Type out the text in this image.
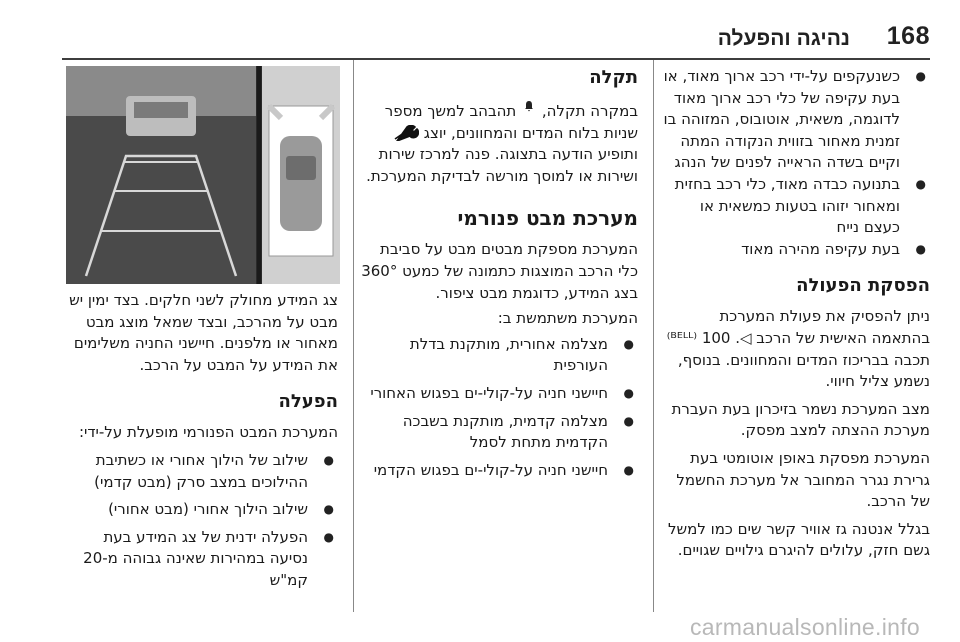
168
נהיגה והפעלה
● כשנעקפים על-ידי רכב ארוך מאוד, או בעת עקיפה של כלי רכב ארוך מאוד לדוגמה, משאית, אוטובוס, המזוהה בו זמנית מאחור בזווית הנקודה המתה וקיים בשדה הראייה לפנים של הנהג
● בתנועה כבדה מאוד, כלי רכב בחזית ומאחור יזוהו בטעות כמשאית או כעצם נייח
● בעת עקיפה מהירה מאוד
הפסקת הפעולה

ניתן להפסיק את פעולת המערכת בהתאמה האישית של הרכב ◁. 100 ⁽ᴮᴱᴸᴸ⁾ תכבה בבריכוז המדים והמחוונים. בנוסף, נשמע צליל חיווי.

מצב המערכת נשמר בזיכרון בעת העברת מערכת ההצתה למצב מפסק.

המערכת מפסקת באופן אוטומטי בעת גרירת נגרר המחובר אל מערכת החשמל של הרכב.

בגלל אנטנה גז אוויר קשר שים כמו למשל גשם חזק, עלולים להיגרם גילויים שגויים.

תקלה

במקרה תקלה,  תהבהב למשך מספר שניות בלוח המדים והמחוונים, יוצג  ותופיע הודעה בתצוגה. פנה למרכז שירות ושירות או למוסך מורשה לבדיקת המערכת.

מערכת מבט פנורמי

המערכת מספקת מבטים מבט על סביבת כלי הרכב המוצגות כתמונה של כמעט 360° בצג המידע, כדוגמת מבט ציפור.

המערכת משתמשת ב:

● מצלמה אחורית, מותקנת בדלת העורפית
● חיישני חניה על-קולי-ים בפגוש האחורי
● מצלמה קדמית, מותקנת בשבכה הקדמית מתחת לסמל
● חיישני חניה על-קולי-ים בפגוש הקדמי

צג המידע מחולק לשני חלקים. בצד ימין יש מבט על מהרכב, ובצד שמאל מוצג מבט מאחור או מלפנים. חיישני החניה משלימים את המידע על המבט על הרכב.

הפעלה

המערכת המבט הפנורמי מופעלת על-ידי:

● שילוב של הילוך אחורי או כשתיבת ההילוכים במצב סרק (מבט קדמי)
● שילוב הילוך אחורי (מבט אחורי)
● הפעלה ידנית של צג המידע בעת נסיעה במהירות שאינה גבוהה מ-20 קמ"ש
carmanualsonline.info
